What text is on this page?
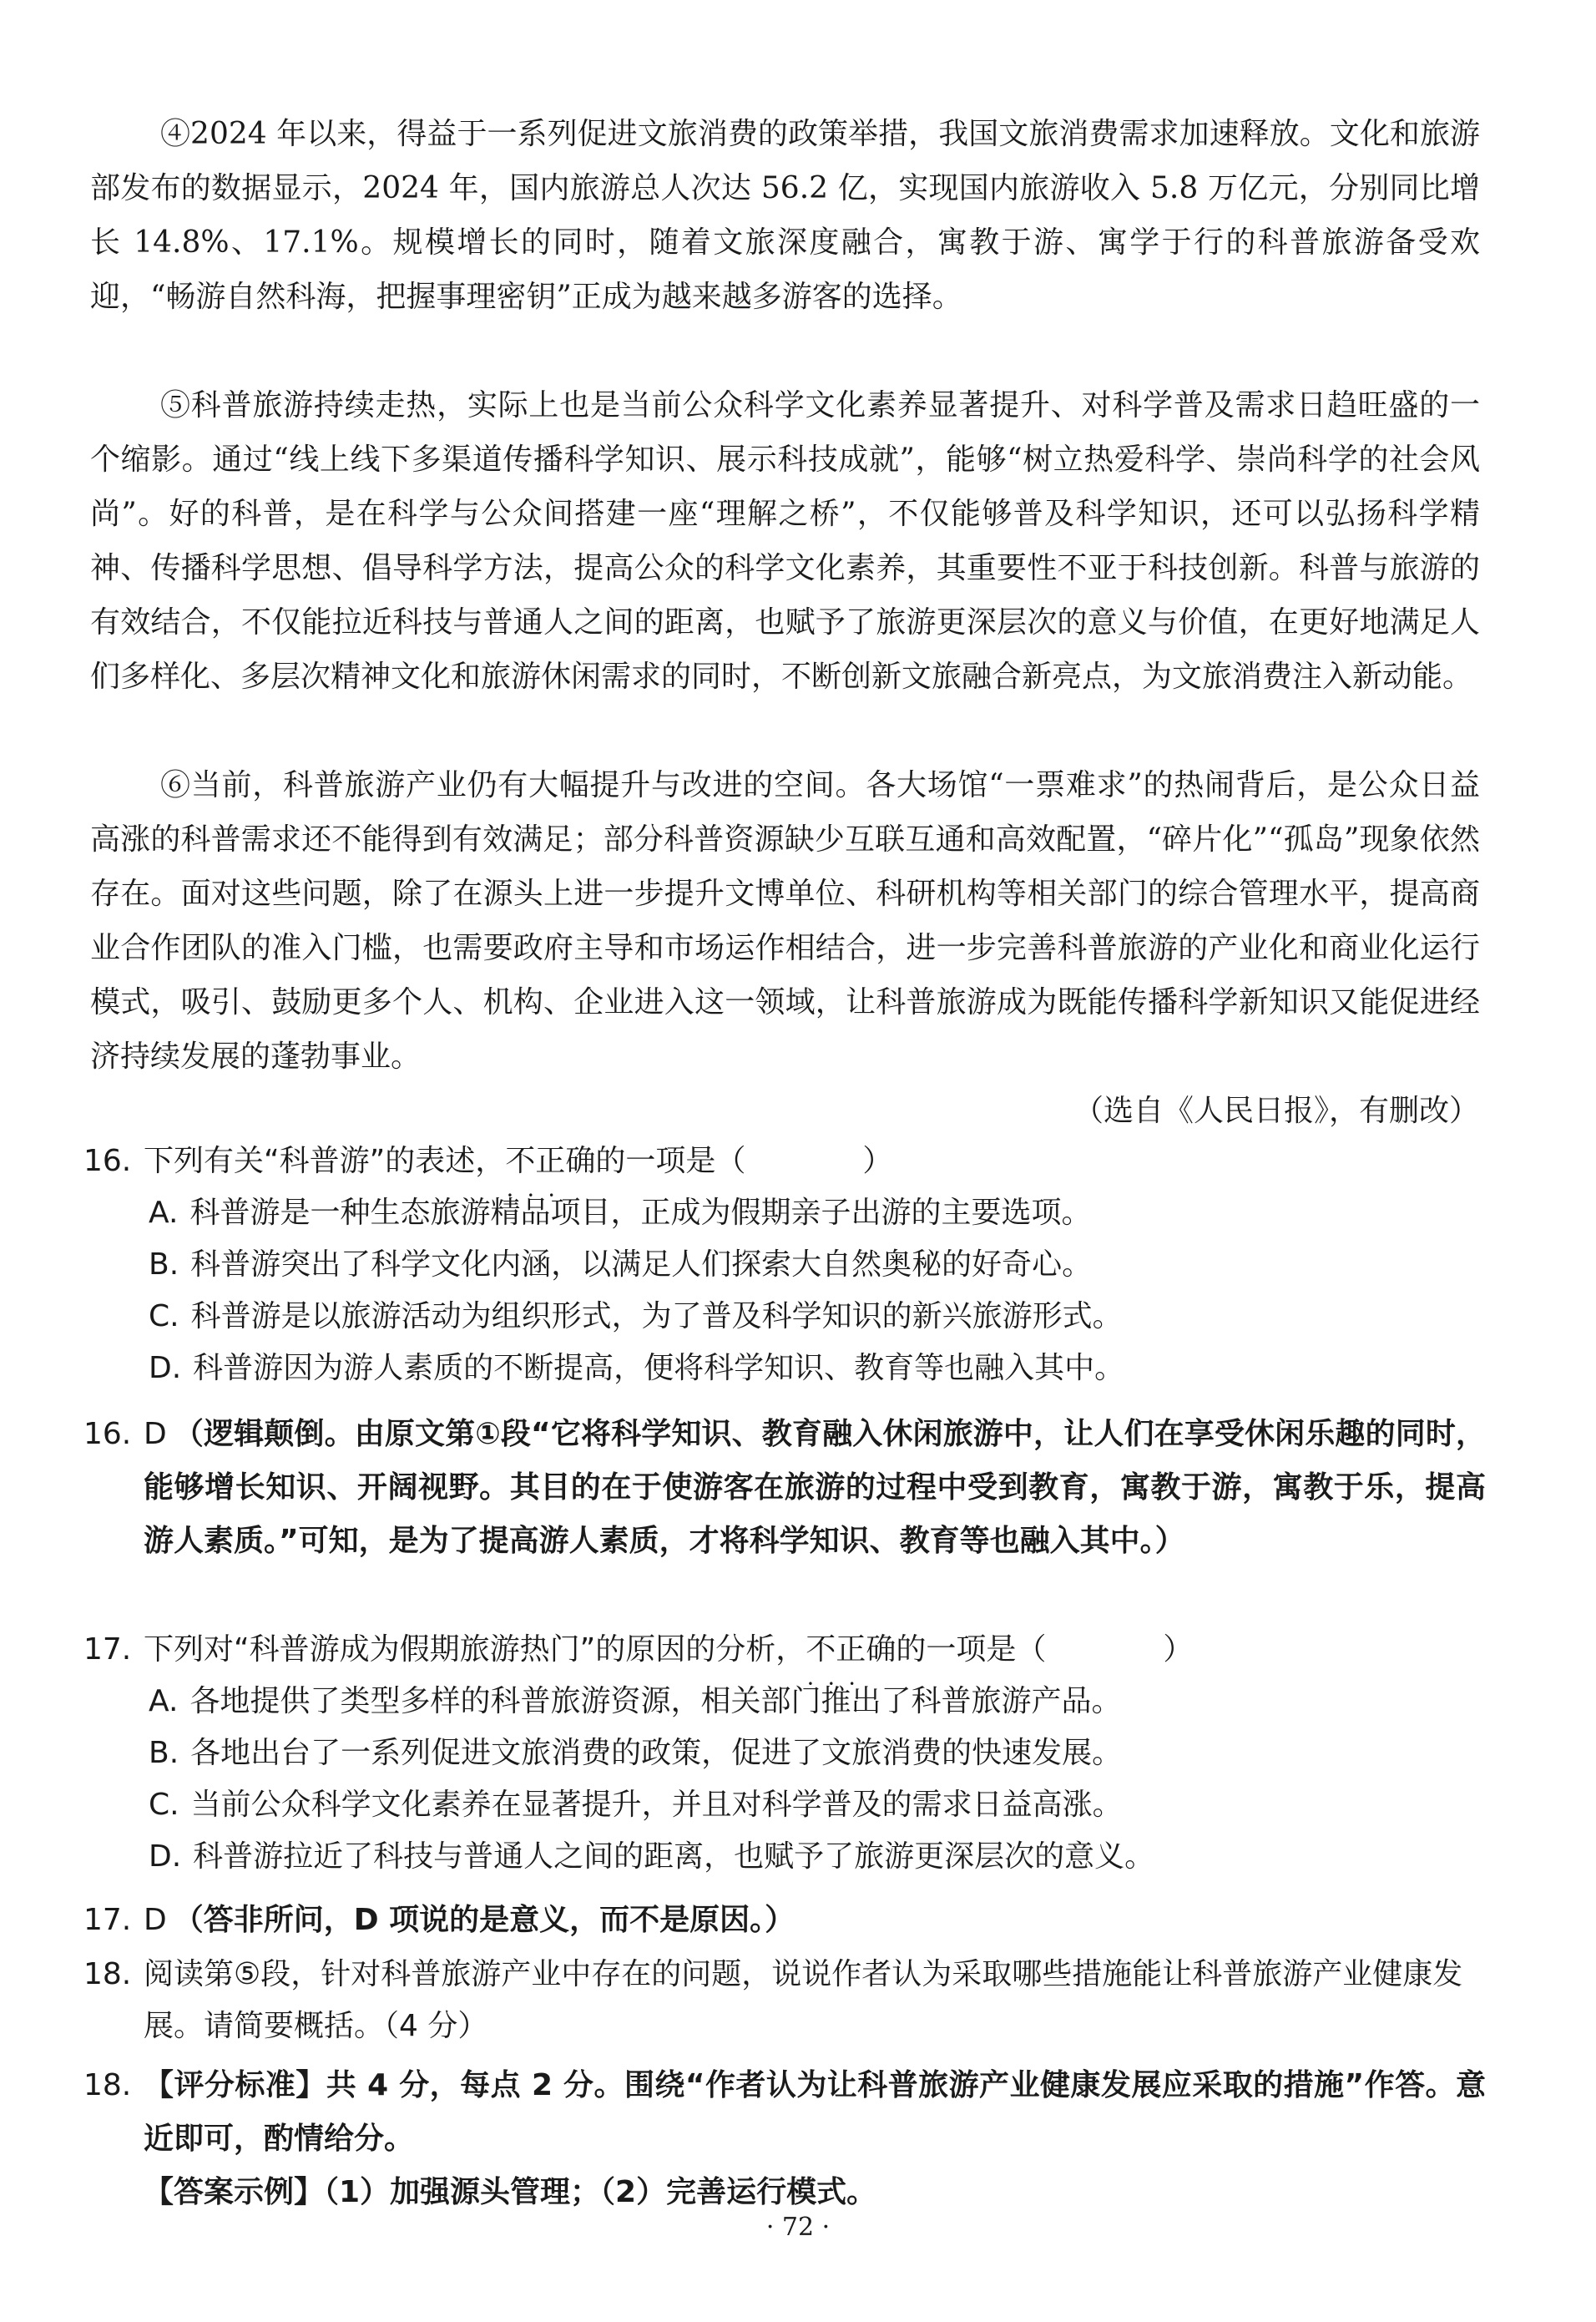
④2024 年以来，得益于一系列促进文旅消费的政策举措，我国文旅消费需求加速释放。文化和旅游部发布的数据显示，2024 年，国内旅游总人次达 56.2 亿，实现国内旅游收入 5.8 万亿元，分别同比增长 14.8%、17.1%。规模增长的同时，随着文旅深度融合，寓教于游、寓学于行的科普旅游备受欢迎，“畅游自然科海，把握事理密钥”正成为越来越多游客的选择。

⑤科普旅游持续走热，实际上也是当前公众科学文化素养显著提升、对科学普及需求日趋旺盛的一个缩影。通过“线上线下多渠道传播科学知识、展示科技成就”，能够“树立热爱科学、崇尚科学的社会风尚”。好的科普，是在科学与公众间搭建一座“理解之桥”，不仅能够普及科学知识，还可以弘扬科学精神、传播科学思想、倡导科学方法，提高公众的科学文化素养，其重要性不亚于科技创新。科普与旅游的有效结合，不仅能拉近科技与普通人之间的距离，也赋予了旅游更深层次的意义与价值，在更好地满足人们多样化、多层次精神文化和旅游休闲需求的同时，不断创新文旅融合新亮点，为文旅消费注入新动能。

⑥当前，科普旅游产业仍有大幅提升与改进的空间。各大场馆“一票难求”的热闹背后，是公众日益高涨的科普需求还不能得到有效满足；部分科普资源缺少互联互通和高效配置，“碎片化”“孤岛”现象依然存在。面对这些问题，除了在源头上进一步提升文博单位、科研机构等相关部门的综合管理水平，提高商业合作团队的准入门槛，也需要政府主导和市场运作相结合，进一步完善科普旅游的产业化和商业化运行模式，吸引、鼓励更多个人、机构、企业进入这一领域，让科普旅游成为既能传播科学新知识又能促进经济持续发展的蓬勃事业。

（选自《人民日报》，有删改）

16. 下列有关“科普游”的表述，不正确 • • •的一项是（	）
A. 科普游是一种生态旅游精品项目，正成为假期亲子出游的主要选项。
B. 科普游突出了科学文化内涵，以满足人们探索大自然奥秘的好奇心。
C. 科普游是以旅游活动为组织形式，为了普及科学知识的新兴旅游形式。
D. 科普游因为游人素质的不断提高，便将科学知识、教育等也融入其中。
16. D （逻辑颠倒。由原文第①段“它将科学知识、教育融入休闲旅游中，让人们在享受休闲乐趣的同时，能够增长知识、开阔视野。其目的在于使游客在旅游的过程中受到教育，寓教于游，寓教于乐，提高游人素质。”可知，是为了提高游人素质，才将科学知识、教育等也融入其中。）
17. 下列对“科普游成为假期旅游热门”的原因的分析，不正确 • • •的一项是（	）
A. 各地提供了类型多样的科普旅游资源，相关部门推出了科普旅游产品。
B. 各地出台了一系列促进文旅消费的政策，促进了文旅消费的快速发展。
C. 当前公众科学文化素养在显著提升，并且对科学普及的需求日益高涨。
D. 科普游拉近了科技与普通人之间的距离，也赋予了旅游更深层次的意义。
17. D （答非所问，D 项说的是意义，而不是原因。）
18. 阅读第⑤段，针对科普旅游产业中存在的问题，说说作者认为采取哪些措施能让科普旅游产业健康发展。请简要概括。（4 分）
18. 【评分标准】共 4 分，每点 2 分。围绕“作者认为让科普旅游产业健康发展应采取的措施”作答。意近即可，酌情给分。
【答案示例】（1）加强源头管理；（2）完善运行模式。
· 72 ·
